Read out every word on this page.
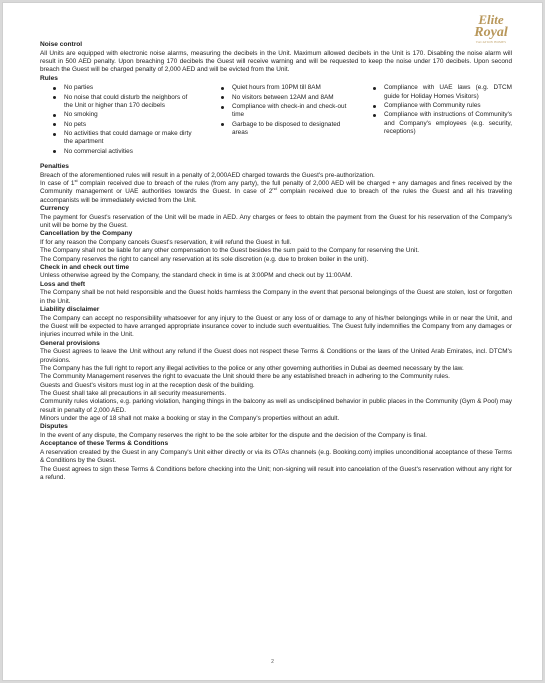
Elite
Royal
VACATION HOMES
Noise control

All Units are equipped with electronic noise alarms, measuring the decibels in the Unit. Maximum allowed decibels in the Unit is 170. Disabling the noise alarm will result in 500 AED penalty. Upon breaching 170 decibels the Guest will receive warning and will be requested to keep the noise under 170 decibels. Upon second breach the Guest will be charged penalty of 2,000 AED and will be evicted from the Unit.

Rules
No parties
No noise that could disturb the neighbors of the Unit or higher than 170 decibels
No smoking
No pets
No activities that could damage or make dirty the apartment
No commercial activities
Quiet hours from 10PM till 8AM
No visitors between 12AM and 8AM
Compliance with check-in and check-out time
Garbage to be disposed to designated areas
Compliance with UAE laws (e.g. DTCM guide for Holiday Homes Visitors)
Compliance with Community rules
Compliance with instructions of Community's and Company's employees (e.g. security, receptions)
Penalties

Breach of the aforementioned rules will result in a penalty of 2,000AED charged towards the Guest's pre-authorization.

In case of 1st complain received due to breach of the rules (from any party), the full penalty of 2,000 AED will be charged + any damages and fines received by the Community management or UAE authorities towards the Guest. In case of 2nd complain received due to breach of the rules the Guest and all his traveling accompanists will be immediately evicted from the Unit.

Currency

The payment for Guest's reservation of the Unit will be made in AED. Any charges or fees to obtain the payment from the Guest for his reservation of the Company's unit will be borne by the Guest.

Cancellation by the Company

If for any reason the Company cancels Guest's reservation, it will refund the Guest in full.

The Company shall not be liable for any other compensation to the Guest besides the sum paid to the Company for reserving the Unit.

The Company reserves the right to cancel any reservation at its sole discretion (e.g. due to broken boiler in the unit).

Check in and check out time

Unless otherwise agreed by the Company, the standard check in time is at 3:00PM and check out by 11:00AM.

Loss and theft

The Company shall be not held responsible and the Guest holds harmless the Company in the event that personal belongings of the Guest are stolen, lost or forgotten in the Unit.

Liability disclaimer

The Company can accept no responsibility whatsoever for any injury to the Guest or any loss of or damage to any of his/her belongings while in or near the Unit, and the Guest will be expected to have arranged appropriate insurance cover to include such eventualities. The Guest fully indemnifies the Company from any damages or injuries incurred while in the Unit.

General provisions

The Guest agrees to leave the Unit without any refund if the Guest does not respect these Terms & Conditions or the laws of the United Arab Emirates, incl. DTCM's provisions.

The Company has the full right to report any illegal activities to the police or any other governing authorities in Dubai as deemed necessary by the law.

The Community Management reserves the right to evacuate the Unit should there be any established breach in adhering to the Community rules.

Guests and Guest's visitors must log in at the reception desk of the building.

The Guest shall take all precautions in all security measurements.

Community rules violations, e.g. parking violation, hanging things in the balcony as well as undisciplined behavior in public places in the Community (Gym & Pool) may result in penalty of 2,000 AED.

Minors under the age of 18 shall not make a booking or stay in the Company's properties without an adult.

Disputes

In the event of any dispute, the Company reserves the right to be the sole arbiter for the dispute and the decision of the Company is final.

Acceptance of these Terms & Conditions

A reservation created by the Guest in any Company's Unit either directly or via its OTAs channels (e.g. Booking.com) implies unconditional acceptance of these Terms & Conditions by the Guest.

The Guest agrees to sign these Terms & Conditions before checking into the Unit; non-signing will result into cancelation of the Guest's reservation without any right for a refund.

2
